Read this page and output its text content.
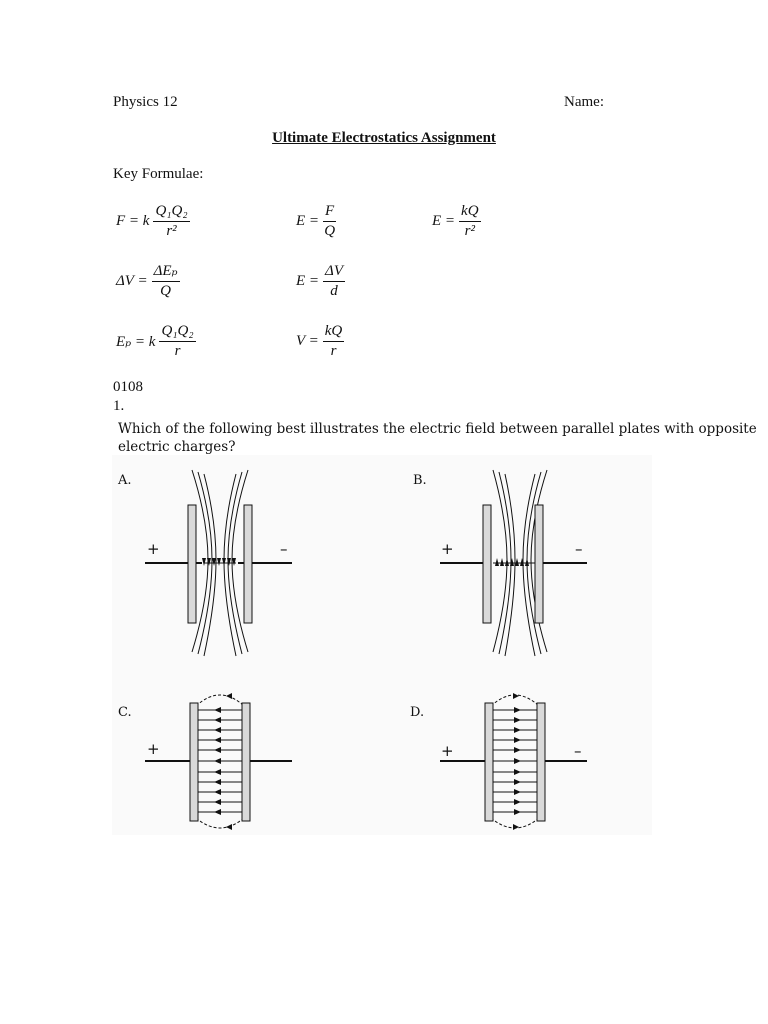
Physics 12	Name:
Ultimate Electrostatics Assignment
Key Formulae:
F = k $\frac{\text{Q₁Q₂}}{\text{r²}}$	$E = \frac{F}{Q}$	$E = \frac{kQ}{\text{r²}}$
$\Delta V = \frac{\text{ΔEₚ}}{Q}$	$E = \frac{\Delta V}{d}$
Eₚ = k $\frac{\text{Q₁Q₂}}{r}$	$V = \frac{kQ}{r}$
0108
1.
Which of the following best illustrates the electric field between parallel plates with opposite
electric charges?
A.
+	–
B.
+	–
C.
+
D.
+	–
